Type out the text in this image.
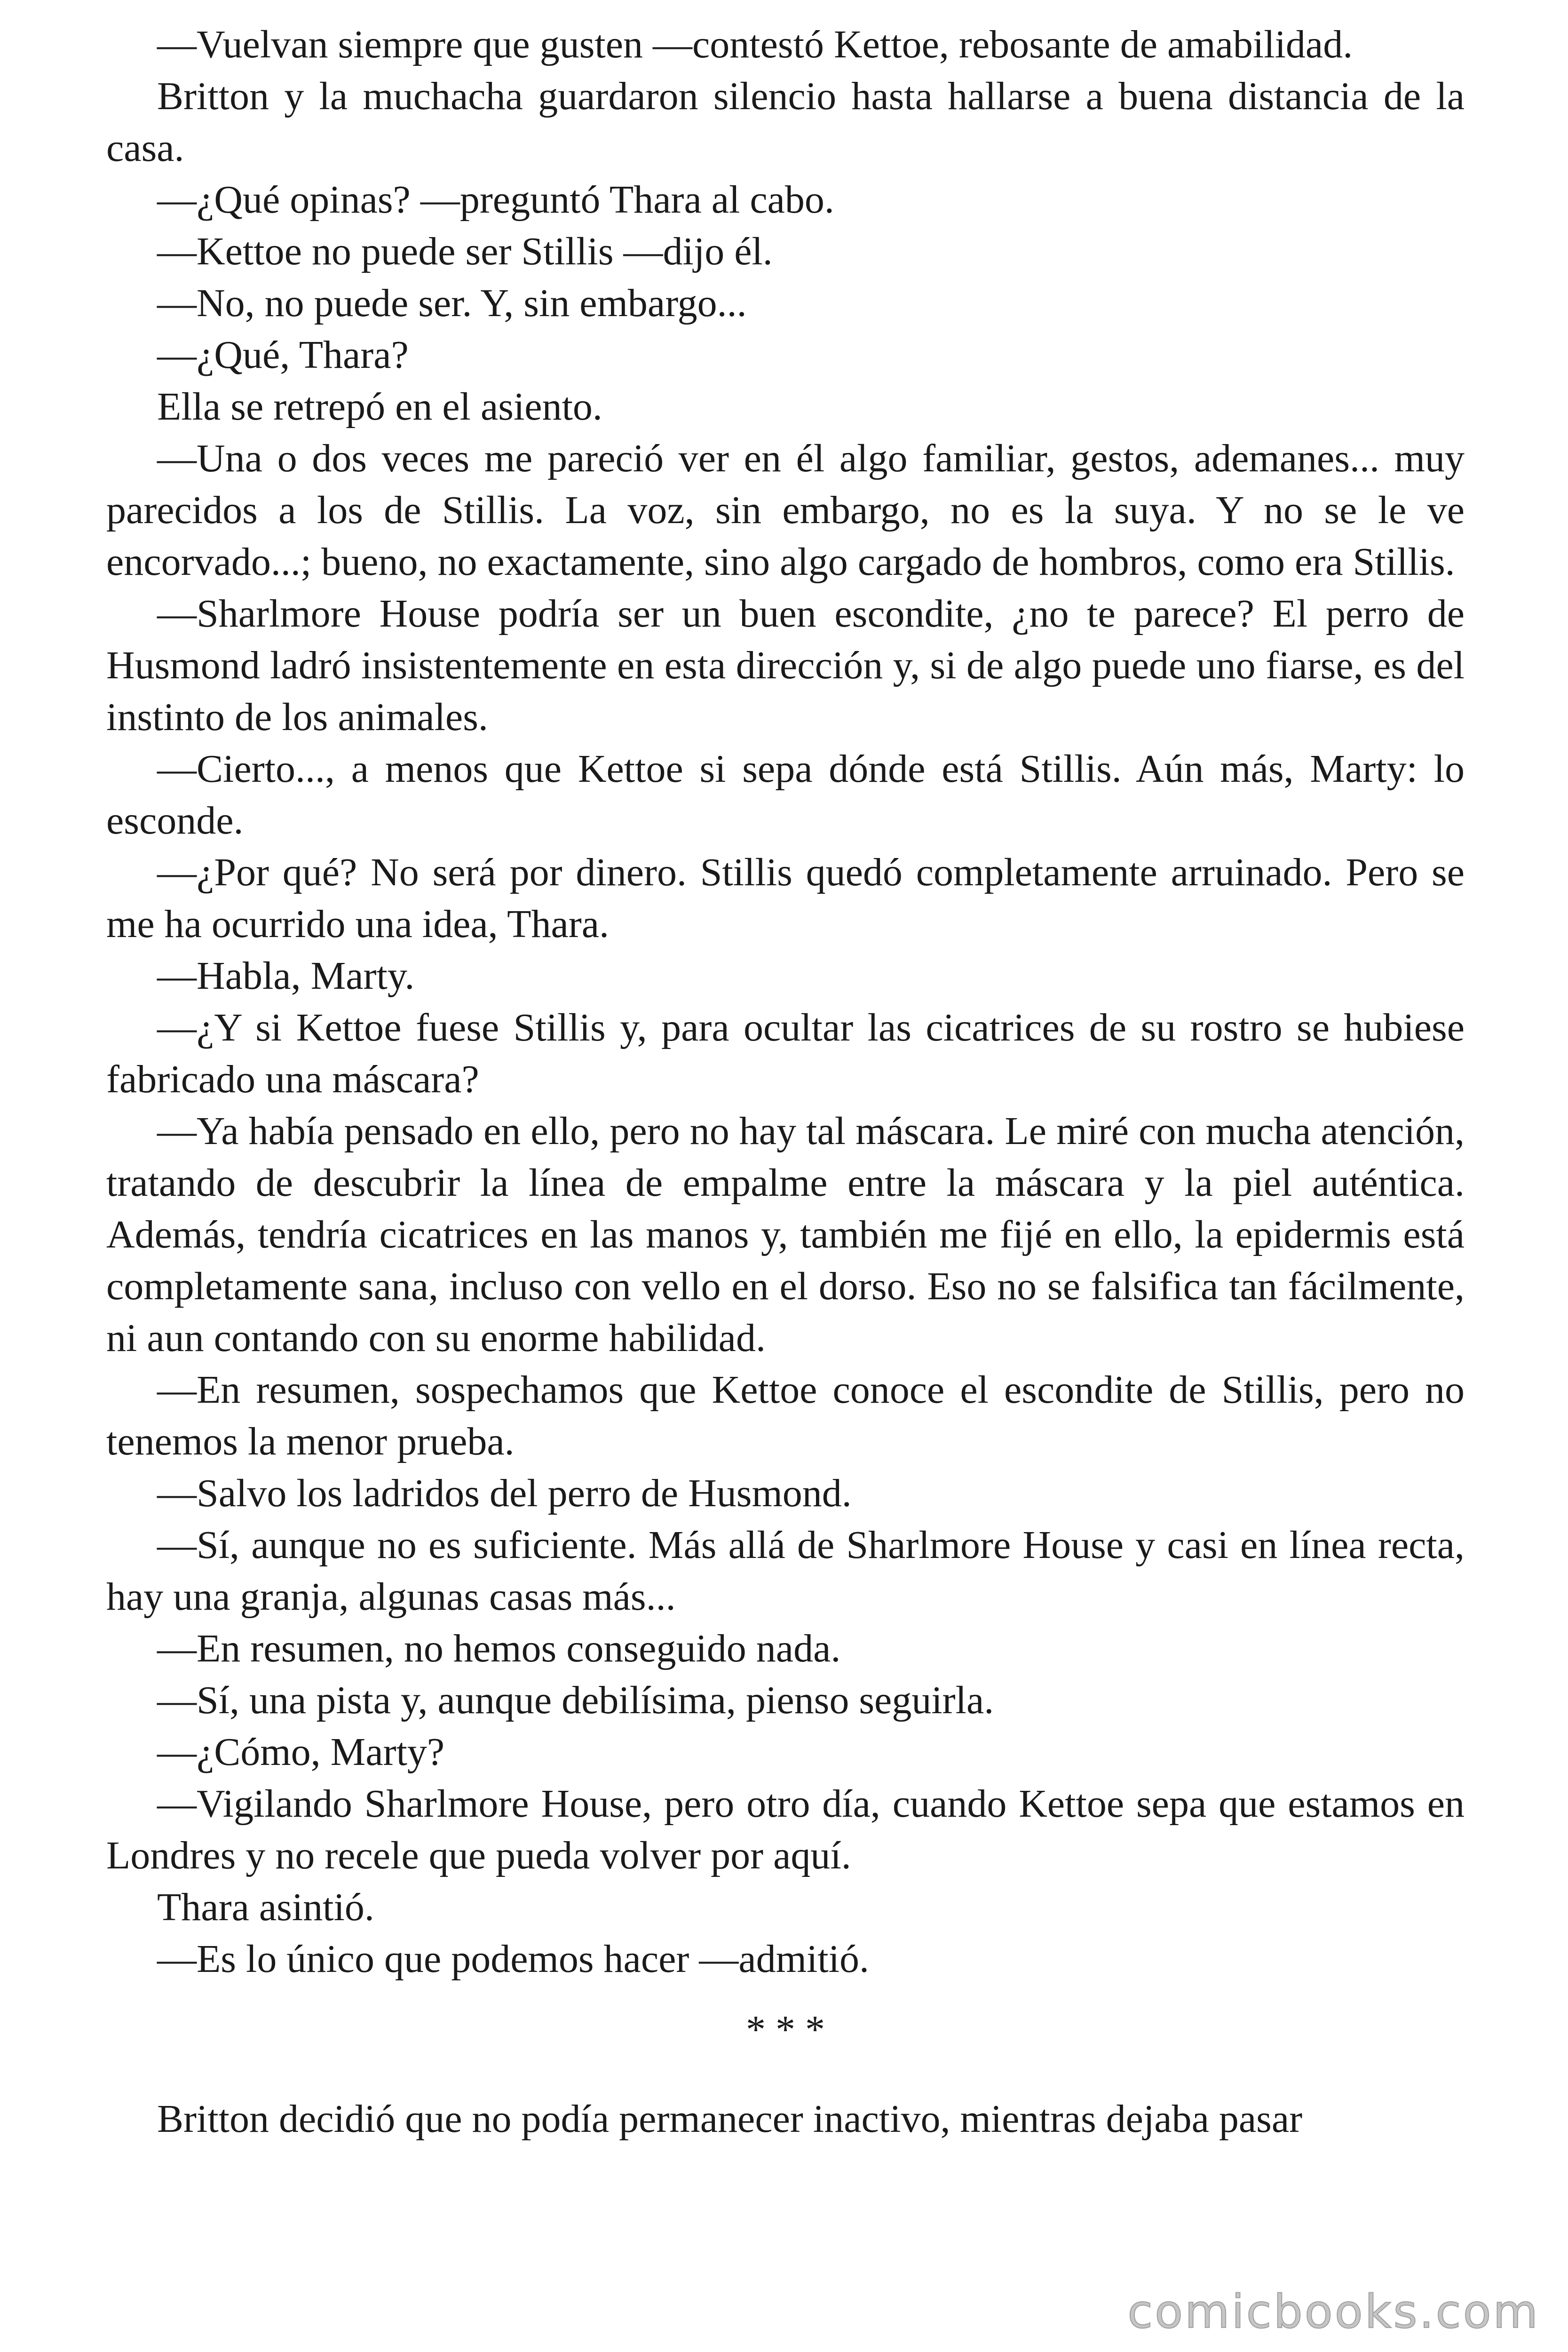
—Vuelvan siempre que gusten —contestó Kettoe, rebosante de amabilidad.

Britton y la muchacha guardaron silencio hasta hallarse a buena distancia de la casa.

—¿Qué opinas? —preguntó Thara al cabo.

—Kettoe no puede ser Stillis —dijo él.

—No, no puede ser. Y, sin embargo...

—¿Qué, Thara?

Ella se retrepó en el asiento.

—Una o dos veces me pareció ver en él algo familiar, gestos, ademanes... muy parecidos a los de Stillis. La voz, sin embargo, no es la suya. Y no se le ve encorvado...; bueno, no exactamente, sino algo cargado de hombros, como era Stillis.

—Sharlmore House podría ser un buen escondite, ¿no te parece? El perro de Husmond ladró insistentemente en esta dirección y, si de algo puede uno fiarse, es del instinto de los animales.

—Cierto..., a menos que Kettoe si sepa dónde está Stillis. Aún más, Marty: lo esconde.

—¿Por qué? No será por dinero. Stillis quedó completamente arruinado. Pero se me ha ocurrido una idea, Thara.

—Habla, Marty.

—¿Y si Kettoe fuese Stillis y, para ocultar las cicatrices de su rostro se hubiese fabricado una máscara?

—Ya había pensado en ello, pero no hay tal máscara. Le miré con mucha atención, tratando de descubrir la línea de empalme entre la máscara y la piel auténtica. Además, tendría cicatrices en las manos y, también me fijé en ello, la epidermis está completamente sana, incluso con vello en el dorso. Eso no se falsifica tan fácilmente, ni aun contando con su enorme habilidad.

—En resumen, sospechamos que Kettoe conoce el escondite de Stillis, pero no tenemos la menor prueba.

—Salvo los ladridos del perro de Husmond.

—Sí, aunque no es suficiente. Más allá de Sharlmore House y casi en línea recta, hay una granja, algunas casas más...

—En resumen, no hemos conseguido nada.

—Sí, una pista y, aunque debilísima, pienso seguirla.

—¿Cómo, Marty?

—Vigilando Sharlmore House, pero otro día, cuando Kettoe sepa que estamos en Londres y no recele que pueda volver por aquí.

Thara asintió.

—Es lo único que podemos hacer —admitió.

* * *

Britton decidió que no podía permanecer inactivo, mientras dejaba pasar

comicbooks.com
